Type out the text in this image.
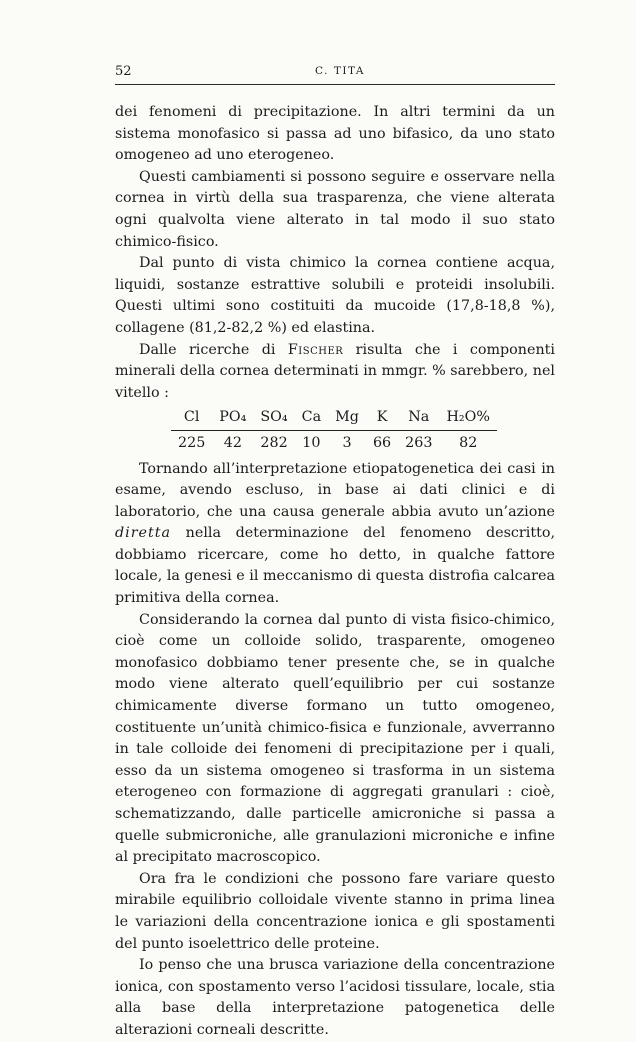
52	C. TITA

dei fenomeni di precipitazione. In altri termini da un sistema monofasico si passa ad uno bifasico, da uno stato omogeneo ad uno eterogeneo.

Questi cambiamenti si possono seguire e osservare nella cornea in virtù della sua trasparenza, che viene alterata ogni qualvolta viene alterato in tal modo il suo stato chimico-fisico.

Dal punto di vista chimico la cornea contiene acqua, liquidi, sostanze estrattive solubili e proteidi insolubili. Questi ultimi sono costituiti da mucoide (17,8-18,8 %), collagene (81,2-82,2 %) ed elastina.

Dalle ricerche di Fischer risulta che i componenti minerali della cornea determinati in mmgr. % sarebbero, nel vitello :

Cl	PO₄	SO₄	Ca	Mg	K	Na	H₂O%
225	42	282	10	3	66	263	82

Tornando all’interpretazione etiopatogenetica dei casi in esame, avendo escluso, in base ai dati clinici e di laboratorio, che una causa generale abbia avuto un’azione diretta nella determinazione del fenomeno descritto, dobbiamo ricercare, come ho detto, in qualche fattore locale, la genesi e il meccanismo di questa distrofia calcarea primitiva della cornea.

Considerando la cornea dal punto di vista fisico-chimico, cioè come un colloide solido, trasparente, omogeneo monofasico dobbiamo tener presente che, se in qualche modo viene alterato quell’equilibrio per cui sostanze chimicamente diverse formano un tutto omogeneo, costituente un’unità chimico-fisica e funzionale, avverranno in tale colloide dei fenomeni di precipitazione per i quali, esso da un sistema omogeneo si trasforma in un sistema eterogeneo con formazione di aggregati granulari : cioè, schematizzando, dalle particelle amicroniche si passa a quelle submicroniche, alle granulazioni microniche e infine al precipitato macroscopico.

Ora fra le condizioni che possono fare variare questo mirabile equilibrio colloidale vivente stanno in prima linea le variazioni della concentrazione ionica e gli spostamenti del punto isoelettrico delle proteine.

Io penso che una brusca variazione della concentrazione ionica, con spostamento verso l’acidosi tissulare, locale, stia alla base della interpretazione patogenetica delle alterazioni corneali descritte.
